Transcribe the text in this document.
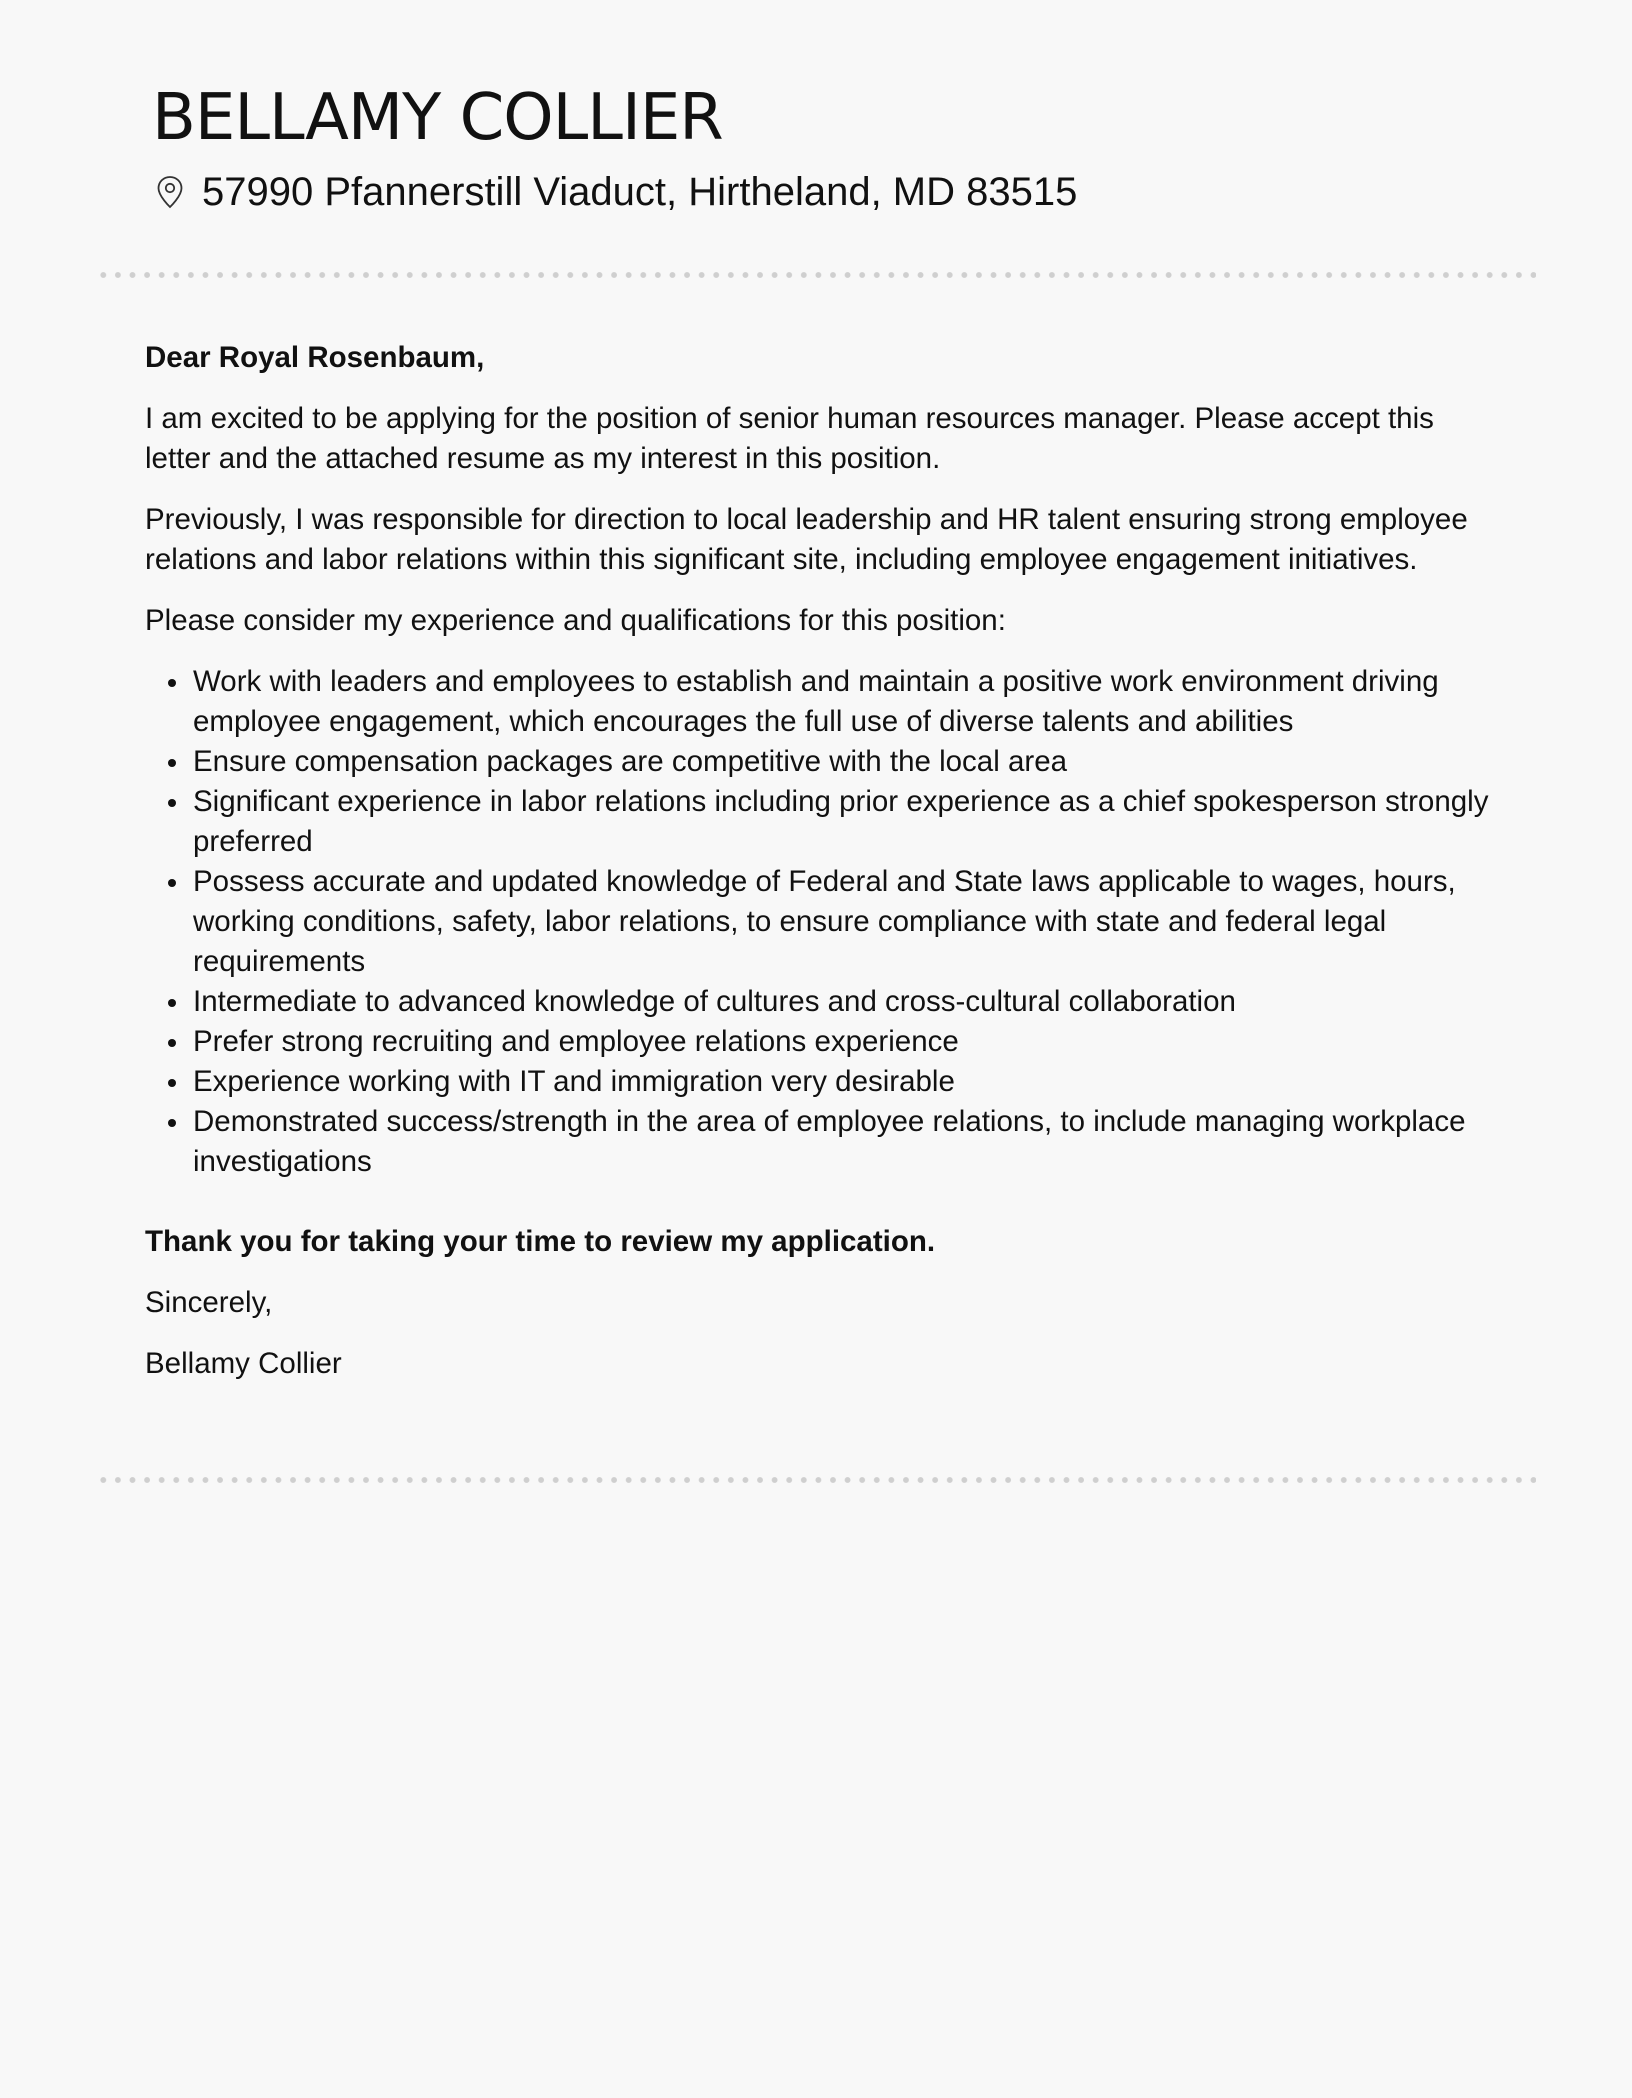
BELLAMY COLLIER
57990 Pfannerstill Viaduct, Hirtheland, MD 83515

Dear Royal Rosenbaum,

I am excited to be applying for the position of senior human resources manager. Please accept this letter and the attached resume as my interest in this position.

Previously, I was responsible for direction to local leadership and HR talent ensuring strong employee relations and labor relations within this significant site, including employee engagement initiatives.

Please consider my experience and qualifications for this position:

Work with leaders and employees to establish and maintain a positive work environment driving employee engagement, which encourages the full use of diverse talents and abilities
Ensure compensation packages are competitive with the local area
Significant experience in labor relations including prior experience as a chief spokesperson strongly preferred
Possess accurate and updated knowledge of Federal and State laws applicable to wages, hours, working conditions, safety, labor relations, to ensure compliance with state and federal legal requirements
Intermediate to advanced knowledge of cultures and cross-cultural collaboration
Prefer strong recruiting and employee relations experience
Experience working with IT and immigration very desirable
Demonstrated success/strength in the area of employee relations, to include managing workplace investigations

Thank you for taking your time to review my application.

Sincerely,

Bellamy Collier
